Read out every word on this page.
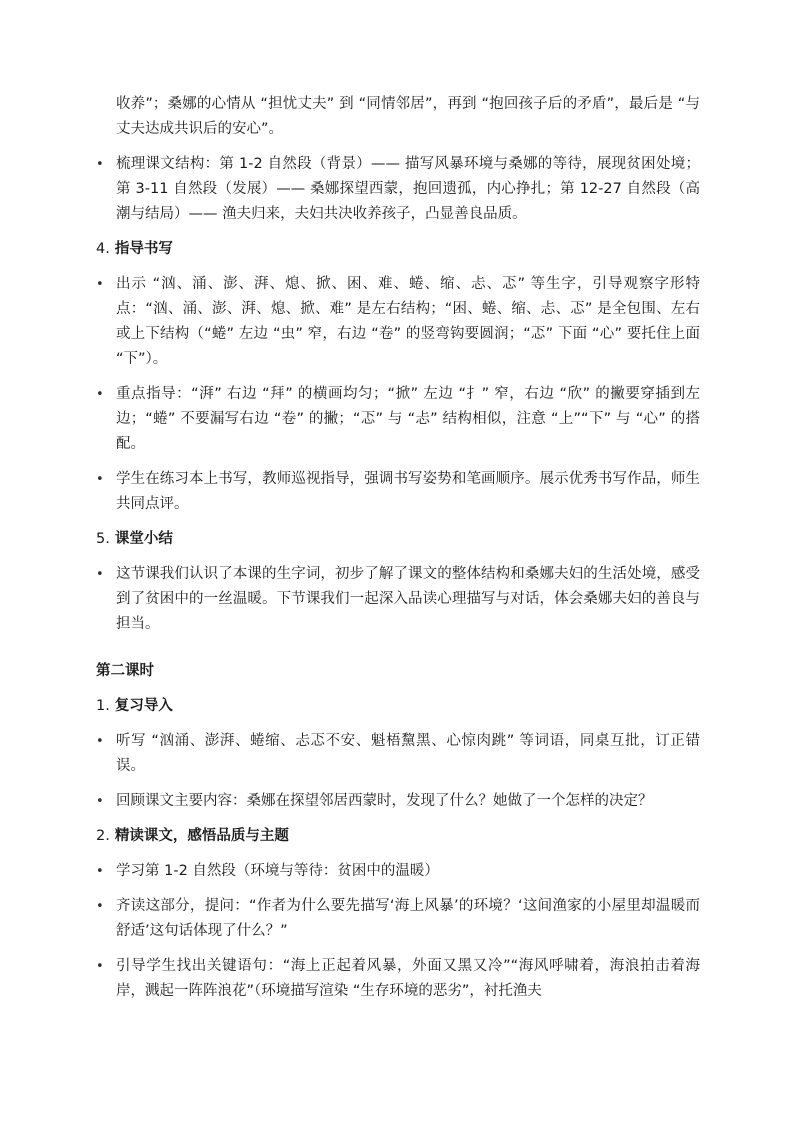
收养”；桑娜的心情从 “担忧丈夫” 到 “同情邻居”，再到 “抱回孩子后的矛盾”，最后是 “与丈夫达成共识后的安心”。
• 梳理课文结构：第 1-2 自然段（背景）—— 描写风暴环境与桑娜的等待，展现贫困处境；第 3-11 自然段（发展）—— 桑娜探望西蒙，抱回遗孤，内心挣扎；第 12-27 自然段（高潮与结局）—— 渔夫归来，夫妇共决收养孩子，凸显善良品质。
4. 指导书写
• 出示 “汹、涌、澎、湃、熄、掀、困、难、蜷、缩、忐、忑” 等生字，引导观察字形特点：“汹、涌、澎、湃、熄、掀、难” 是左右结构；“困、蜷、缩、忐、忑” 是全包围、左右或上下结构（“蜷” 左边 “虫” 窄，右边 “卷” 的竖弯钩要圆润；“忑” 下面 “心” 要托住上面 “下”）。
• 重点指导：“湃” 右边 “拜” 的横画均匀；“掀” 左边 “扌” 窄，右边 “欣” 的撇要穿插到左边；“蜷” 不要漏写右边 “卷” 的撇；“忑” 与 “忐” 结构相似，注意 “上”“下” 与 “心” 的搭配。
• 学生在练习本上书写，教师巡视指导，强调书写姿势和笔画顺序。展示优秀书写作品，师生共同点评。
5. 课堂小结
• 这节课我们认识了本课的生字词，初步了解了课文的整体结构和桑娜夫妇的生活处境，感受到了贫困中的一丝温暖。下节课我们一起深入品读心理描写与对话，体会桑娜夫妇的善良与担当。
第二课时
1. 复习导入
• 听写 “汹涌、澎湃、蜷缩、忐忑不安、魁梧黧黑、心惊肉跳” 等词语，同桌互批，订正错误。
• 回顾课文主要内容：桑娜在探望邻居西蒙时，发现了什么？她做了一个怎样的决定？
2. 精读课文，感悟品质与主题
• 学习第 1-2 自然段（环境与等待：贫困中的温暖）
• 齐读这部分，提问：“作者为什么要先描写‘海上风暴’的环境？‘这间渔家的小屋里却温暖而舒适’这句话体现了什么？”
• 引导学生找出关键语句：“海上正起着风暴，外面又黑又冷”“海风呼啸着，海浪拍击着海岸，溅起一阵阵浪花”（环境描写渲染 “生存环境的恶劣”，衬托渔夫
